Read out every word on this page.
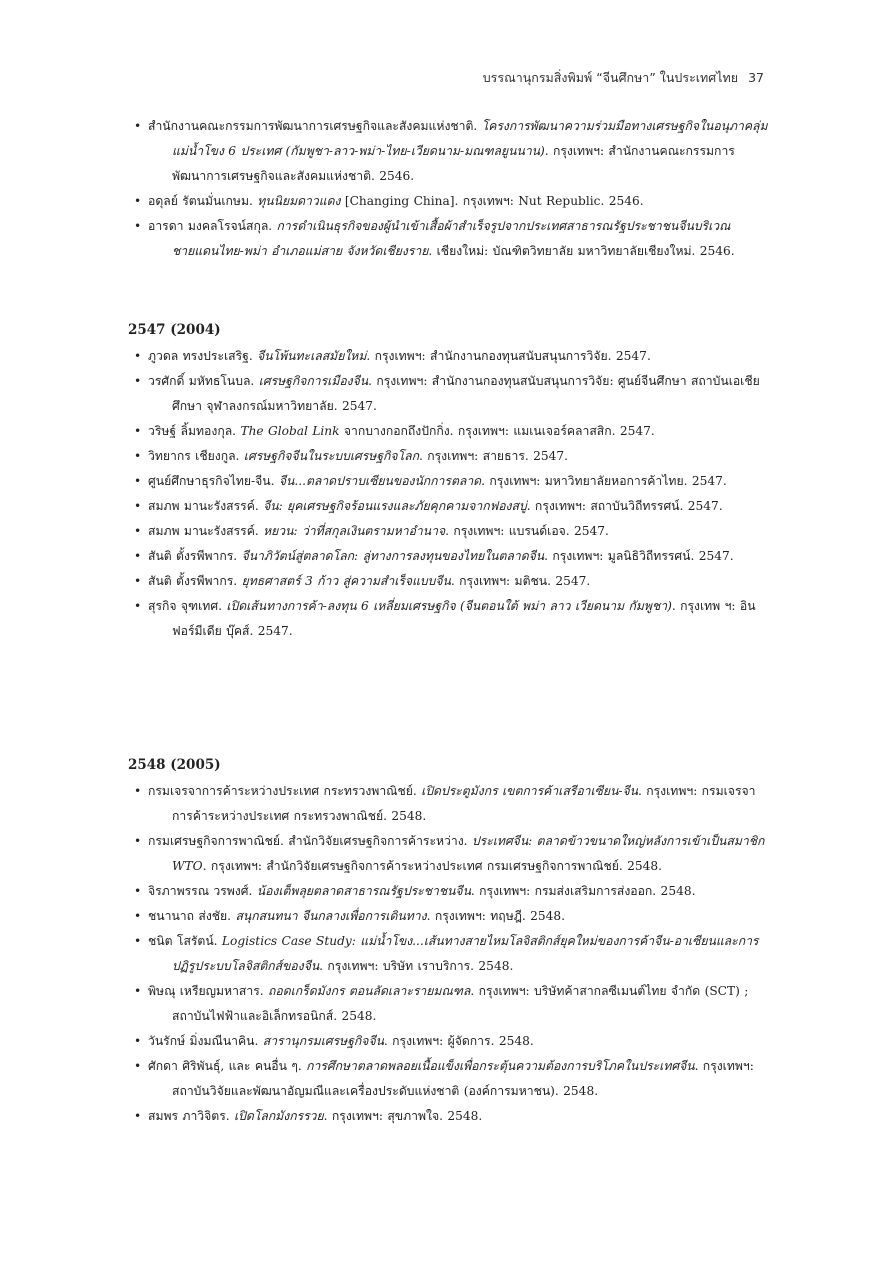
บรรณานุกรมสิ่งพิมพ์ “จีนศึกษา” ในประเทศไทย 37
• สำนักงานคณะกรรมการพัฒนาการเศรษฐกิจและสังคมแห่งชาติ. โครงการพัฒนาความร่วมมือทางเศรษฐกิจในอนุภาคลุ่มแม่น้ำโขง 6 ประเทศ (กัมพูชา-ลาว-พม่า-ไทย-เวียดนาม-มณฑลยูนนาน). กรุงเทพฯ: สำนักงานคณะกรรมการพัฒนาการเศรษฐกิจและสังคมแห่งชาติ. 2546.
• อดุลย์ รัตนมั่นเกษม. ทุนนิยมดาวแดง [Changing China]. กรุงเทพฯ: Nut Republic. 2546.
• อารดา มงคลโรจน์สกุล. การดำเนินธุรกิจของผู้นำเข้าเสื้อผ้าสำเร็จรูปจากประเทศสาธารณรัฐประชาชนจีนบริเวณชายแดนไทย-พม่า อำเภอแม่สาย จังหวัดเชียงราย. เชียงใหม่: บัณฑิตวิทยาลัย มหาวิทยาลัยเชียงใหม่. 2546.
2547 (2004)
• ภูวดล ทรงประเสริฐ. จีนโพ้นทะเลสมัยใหม่. กรุงเทพฯ: สำนักงานกองทุนสนับสนุนการวิจัย. 2547.
• วรศักดิ์ มหัทธโนบล. เศรษฐกิจการเมืองจีน. กรุงเทพฯ: สำนักงานกองทุนสนับสนุนการวิจัย: ศูนย์จีนศึกษา สถาบันเอเชียศึกษา จุฬาลงกรณ์มหาวิทยาลัย. 2547.
• วริษฐ์ ลิ้มทองกุล. The Global Link จากบางกอกถึงปักกิ่ง. กรุงเทพฯ: แมเนเจอร์คลาสสิก. 2547.
• วิทยากร เชียงกูล. เศรษฐกิจจีนในระบบเศรษฐกิจโลก. กรุงเทพฯ: สายธาร. 2547.
• ศูนย์ศึกษาธุรกิจไทย-จีน. จีน...ตลาดปราบเซียนของนักการตลาด. กรุงเทพฯ: มหาวิทยาลัยหอการค้าไทย. 2547.
• สมภพ มานะรังสรรค์. จีน: ยุคเศรษฐกิจร้อนแรงและภัยคุกคามจากฟองสบู่. กรุงเทพฯ: สถาบันวิถีทรรศน์. 2547.
• สมภพ มานะรังสรรค์. หยวน: ว่าที่สกุลเงินตรามหาอำนาจ. กรุงเทพฯ: แบรนด์เอจ. 2547.
• สันติ ตั้งรพีพากร. จีนาภิวัตน์สู่ตลาดโลก: ลู่ทางการลงทุนของไทยในตลาดจีน. กรุงเทพฯ: มูลนิธิวิถีทรรศน์. 2547.
• สันติ ตั้งรพีพากร. ยุทธศาสตร์ 3 ก้าว สู่ความสำเร็จแบบจีน. กรุงเทพฯ: มติชน. 2547.
• สุรกิจ จุฑเทศ. เปิดเส้นทางการค้า-ลงทุน 6 เหลี่ยมเศรษฐกิจ (จีนตอนใต้ พม่า ลาว เวียดนาม กัมพูชา). กรุงเทพ ฯ: อินฟอร์มีเดีย บุ๊คส์. 2547.
2548 (2005)
• กรมเจรจาการค้าระหว่างประเทศ กระทรวงพาณิชย์. เปิดประตูมังกร เขตการค้าเสรีอาเซียน-จีน. กรุงเทพฯ: กรมเจรจาการค้าระหว่างประเทศ กระทรวงพาณิชย์. 2548.
• กรมเศรษฐกิจการพาณิชย์. สำนักวิจัยเศรษฐกิจการค้าระหว่าง. ประเทศจีน: ตลาดข้าวขนาดใหญ่หลังการเข้าเป็นสมาชิก WTO. กรุงเทพฯ: สำนักวิจัยเศรษฐกิจการค้าระหว่างประเทศ กรมเศรษฐกิจการพาณิชย์. 2548.
• จิรภาพรรณ วรพงศ์. น้องเต็พลุยตลาดสาธารณรัฐประชาชนจีน. กรุงเทพฯ: กรมส่งเสริมการส่งออก. 2548.
• ชนานาถ ส่งชัย. สนุกสนทนา จีนกลางเพื่อการเดินทาง. กรุงเทพฯ: ทฤษฎี. 2548.
• ชนิต โสรัตน์. Logistics Case Study: แม่น้ำโขง...เส้นทางสายไหมโลจิสติกส์ยุคใหม่ของการค้าจีน-อาเซียนและการปฏิรูประบบโลจิสติกส์ของจีน. กรุงเทพฯ: บริษัท เราบริการ. 2548.
• พิษณุ เหรียญมหาสาร. ถอดเกร็ดมังกร ตอนลัดเลาะรายมณฑล. กรุงเทพฯ: บริษัทค้าสากลซีเมนต์ไทย จำกัด (SCT) ; สถาบันไฟฟ้าและอิเล็กทรอนิกส์. 2548.
• วันรักษ์ มิ่งมณีนาคิน. สารานุกรมเศรษฐกิจจีน. กรุงเทพฯ: ผู้จัดการ. 2548.
• ศักดา ศิริพันธุ์, และ คนอื่น ๆ. การศึกษาตลาดพลอยเนื้อแข็งเพื่อกระตุ้นความต้องการบริโภคในประเทศจีน. กรุงเทพฯ: สถาบันวิจัยและพัฒนาอัญมณีและเครื่องประดับแห่งชาติ (องค์การมหาชน). 2548.
• สมพร ภาวิจิตร. เปิดโลกมังกรรวย. กรุงเทพฯ: สุขภาพใจ. 2548.
